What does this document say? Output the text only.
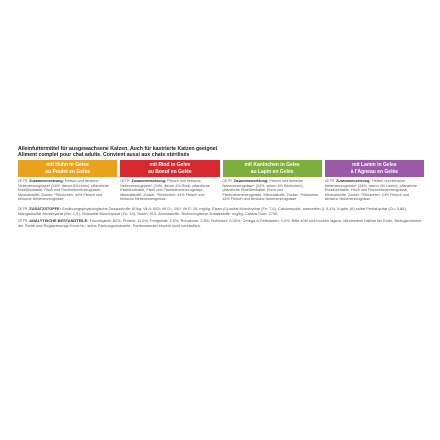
Alleinfuttermittel für ausgewachsene Katzen. Auch für kastrierte Katzen geeignet
Aliment complet pour chat adulte. Convient aussi aux chats stérilisés
mit Huhn in Gelee
au Poulet en Gelée
DE FR Zusammensetzung: Fleisch und tierische Nebenerzeugnisse* (34%, davon 8% Huhn), pflanzliche Eiweißextrakte, Fisch und Fischnebenerzeugnisse, Mineralstoffe, Zucker. *Stückchen: 44% Fleisch und tierische Nebenerzeugnisse
mit Rind in Gelee
au Boeuf en Gelée
DE FR Zusammensetzung: Fleisch und tierische Nebenerzeugnisse* (34%, davon 4% Rind), pflanzliche Eiweißextrakte, Fisch und Fischnebenerzeugnisse, Mineralstoffe, Zucker. *Stückchen: 44% Fleisch und tierische Nebenerzeugnisse
mit Kaninchen in Gelee
au Lapin en Gelée
DE FR Zusammensetzung: Fleisch und tierische Nebenerzeugnisse* (34%, davon 4% Kaninchen), pflanzliche Eiweißextrakte, Fisch und Fischnebenerzeugnisse, Mineralstoffe, Zucker. *Stückchen: 44% Fleisch und tierische Nebenerzeugnisse
mit Lamm in Gelee
à l'Agneau en Gelée
DE FR Zusammensetzung: Fleisch und tierische Nebenerzeugnisse* (34%, davon 4% Lamm), pflanzliche Eiweißextrakte, Fisch und Fischnebenerzeugnisse, Mineralstoffe, Zucker. *Stückchen: 44% Fleisch und tierische Nebenerzeugnisse
DE FR ZUSATZSTOFFE: Ernährungsphysiologische Zusatzstoffe: IE/kg: Vit A: 655; Vit D₃: 100; Vit E: 15; mg/kg: Eisen-(II)-sulfat Monohydrat (Fe: 7,6), Calciumjodat, wasserfrei (I: 0,19), Kupfer-(II)-sulfat Pentahydrat (Cu: 0,66), Mangansulfat Monohydrat (Mn: 1,5), Zinksulfat Monohydrat (Zn: 13), Taurin: 413. Aromastoffe. Technologische Zusatzstoffe: mg/kg: Cassia Gum: 2700.
DE FR ANALYTISCHE BESTANDTEILE: Feuchtigkeit: 82%, Protein: 11,5%, Fettgehalt: 2,5%, Rohasche: 2,5%, Rohfaser: 0,05%, Omega-6-Fettsäuren: 0,4%. Bitte kühl und trocken lagern. Mindestens haltbar bis Ende, Bezugsnummer der Partie und Registrierungs-Kenn-Nr.: siehe Packungsrückseite. Portionsbeutel einzeln nicht verkäuflich.
